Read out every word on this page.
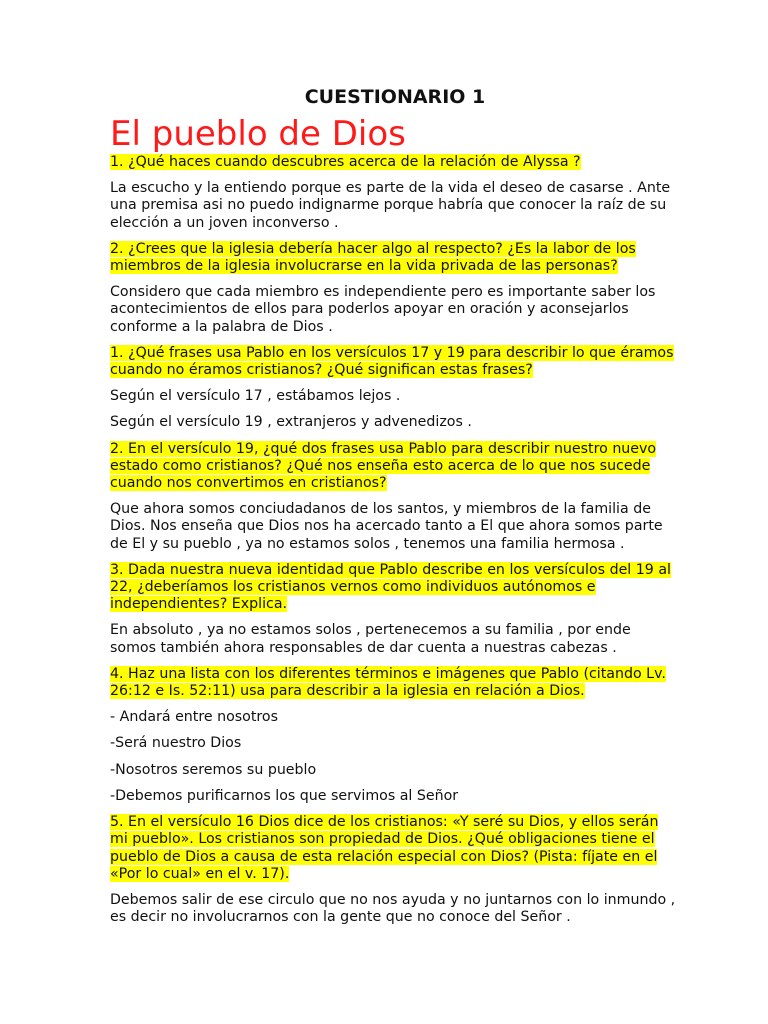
CUESTIONARIO 1
El pueblo de Dios
1. ¿Qué haces cuando descubres acerca de la relación de Alyssa ?
La escucho y la entiendo porque es parte de la vida el deseo de casarse . Ante una premisa asi no puedo indignarme porque habría que conocer la raíz de su elección a un joven inconverso .
2. ¿Crees que la iglesia debería hacer algo al respecto? ¿Es la labor de los miembros de la iglesia involucrarse en la vida privada de las personas?
Considero que cada miembro es independiente pero es importante saber los acontecimientos de ellos para poderlos apoyar en oración y aconsejarlos conforme a la palabra de Dios .
1. ¿Qué frases usa Pablo en los versículos 17 y 19 para describir lo que éramos cuando no éramos cristianos? ¿Qué significan estas frases?
Según el versículo 17 , estábamos lejos .
Según el versículo 19 , extranjeros y advenedizos .
2. En el versículo 19, ¿qué dos frases usa Pablo para describir nuestro nuevo estado como cristianos? ¿Qué nos enseña esto acerca de lo que nos sucede cuando nos convertimos en cristianos?
Que ahora somos conciudadanos de los santos, y miembros de la familia de Dios. Nos enseña que Dios nos ha acercado tanto a El que ahora somos parte de El y su pueblo , ya no estamos solos , tenemos una familia hermosa .
3. Dada nuestra nueva identidad que Pablo describe en los versículos del 19 al 22, ¿deberíamos los cristianos vernos como individuos autónomos e independientes? Explica.
En absoluto , ya no estamos solos , pertenecemos a su familia , por ende somos también ahora responsables de dar cuenta a nuestras cabezas .
4. Haz una lista con los diferentes términos e imágenes que Pablo (citando Lv. 26:12 e Is. 52:11) usa para describir a la iglesia en relación a Dios.
- Andará entre nosotros
-Será nuestro Dios
-Nosotros seremos su pueblo
-Debemos purificarnos los que servimos al Señor
5. En el versículo 16 Dios dice de los cristianos: «Y seré su Dios, y ellos serán mi pueblo». Los cristianos son propiedad de Dios. ¿Qué obligaciones tiene el pueblo de Dios a causa de esta relación especial con Dios? (Pista: fíjate en el «Por lo cual» en el v. 17).
Debemos salir de ese circulo que no nos ayuda y no juntarnos con lo inmundo , es decir no involucrarnos con la gente que no conoce del Señor .
